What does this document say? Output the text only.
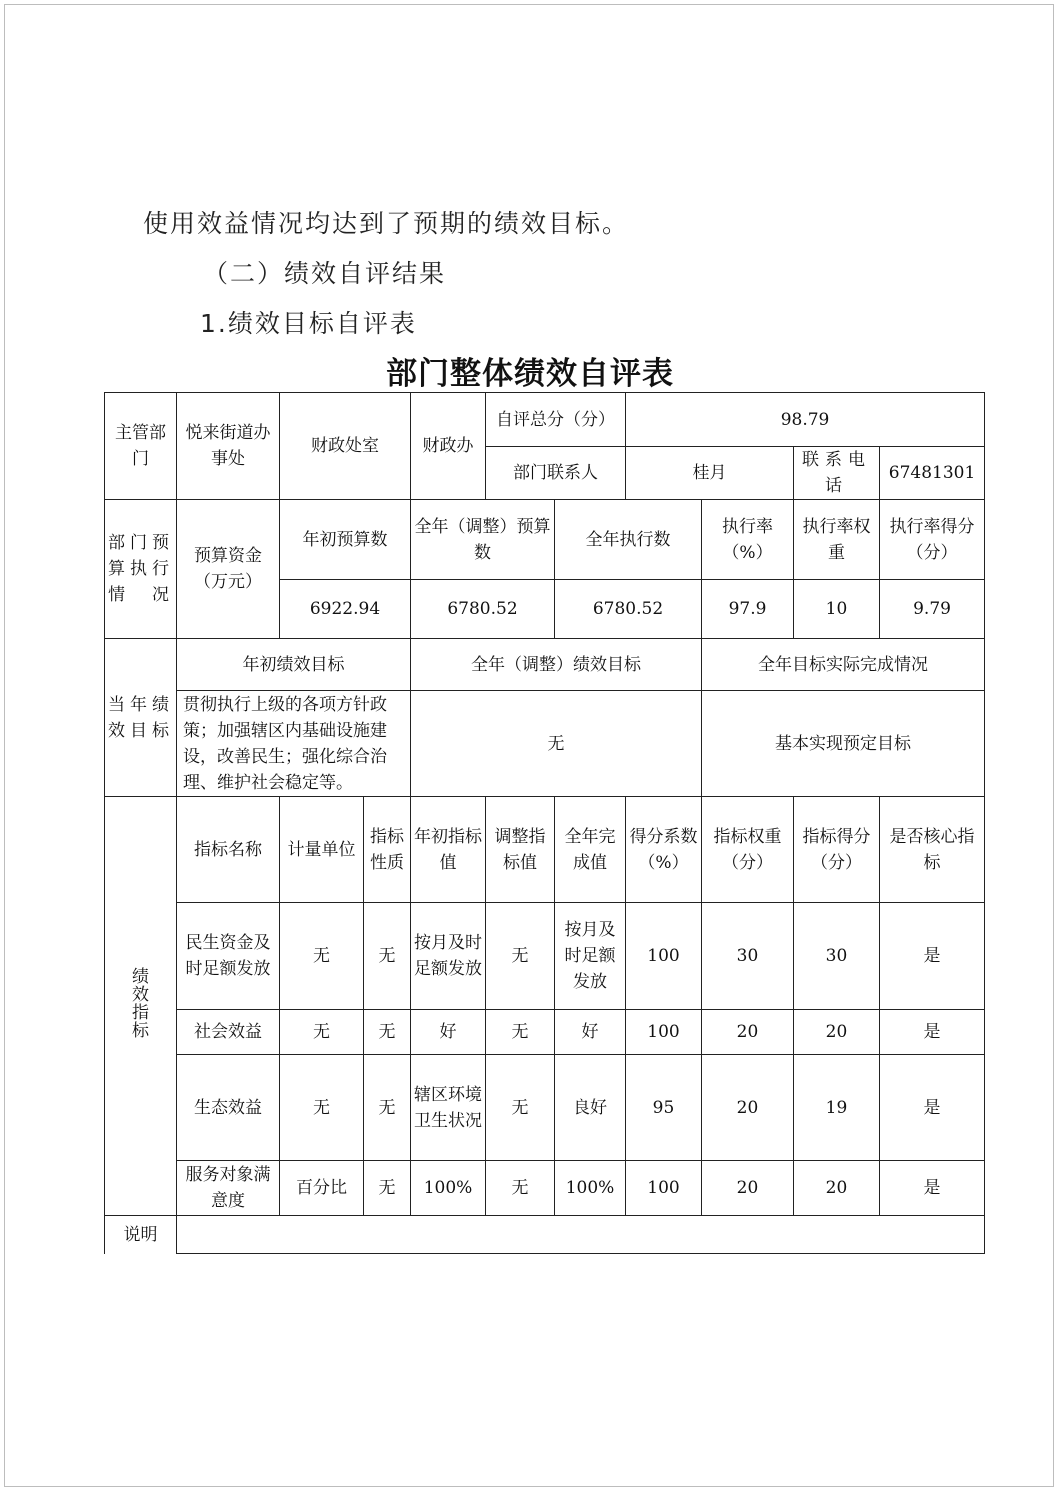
使用效益情况均达到了预期的绩效目标。
（二）绩效自评结果
1.绩效目标自评表
部门整体绩效自评表
主管部门	悦来街道办事处	财政处室		财政办	自评总分（分）		98.79			
					部门联系人		桂月		联系电话	67481301
部门预算执行情况	预算资金（万元）	年初预算数		全年（调整）预算数		全年执行数		执行率（%）	执行率权重	执行率得分（分）
		6922.94		6780.52		6780.52		97.9	10	9.79
当年绩效目标	年初绩效目标			全年（调整）绩效目标				全年目标实际完成情况		
	贯彻执行上级的各项方针政策；加强辖区内基础设施建设，改善民生；强化综合治理、维护社会稳定等。			无				基本实现预定目标		
绩效指标	指标名称	计量单位	指标性质	年初指标值	调整指标值	全年完成值	得分系数（%）	指标权重（分）	指标得分（分）	是否核心指标
	民生资金及时足额发放	无	无	按月及时足额发放	无	按月及时足额发放	100	30	30	是
	社会效益	无	无	好	无	好	100	20	20	是
	生态效益	无	无	辖区环境卫生状况	无	良好	95	20	19	是
	服务对象满意度	百分比	无	100%	无	100%	100	20	20	是
说明										
